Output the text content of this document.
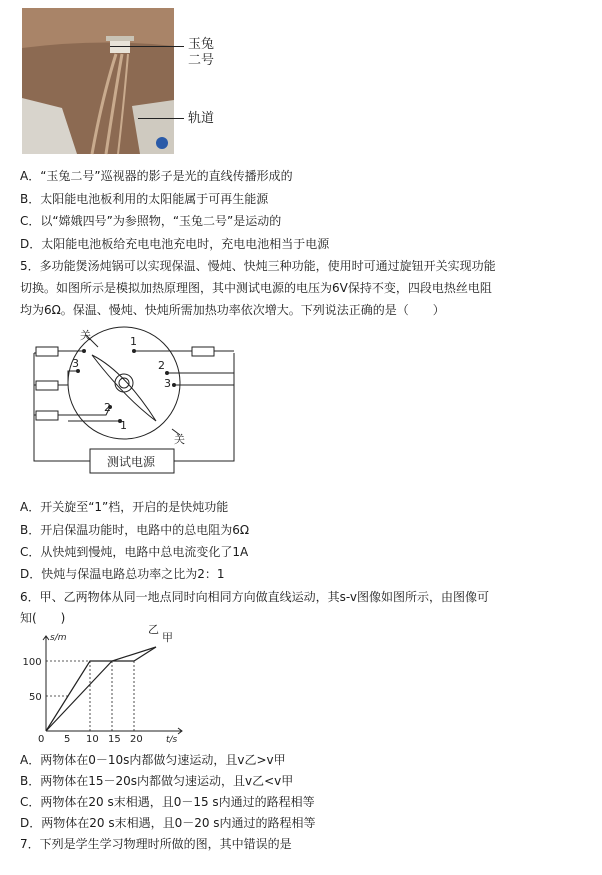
玉兔
二号
轨道
A．“玉兔二号”巡视器的影子是光的直线传播形成的
B．太阳能电池板利用的太阳能属于可再生能源
C．以“嫦娥四号”为参照物，“玉兔二号”是运动的
D．太阳能电池板给充电电池充电时，充电电池相当于电源
5．多功能煲汤炖锅可以实现保温、慢炖、快炖三种功能，使用时可通过旋钮开关实现功能
切换。如图所示是模拟加热原理图，其中测试电源的电压为6V保持不变，四段电热丝电阻
均为6Ω。保温、慢炖、快炖所需加热功率依次增大。下列说法正确的是（　　）
关
关
测试电源
1
2
3
3
2
1
A．开关旋至“1”档，开启的是快炖功能
B．开启保温功能时，电路中的总电阻为6Ω
C．从快炖到慢炖，电路中总电流变化了1A
D．快炖与保温电路总功率之比为2：1
6．甲、乙两物体从同一地点同时向相同方向做直线运动，其s-v图像如图所示，由图像可
知(　　)
0 5 10 15 20
50
100
s/m
t/s
乙
甲
A．两物体在0－10s内都做匀速运动，且v乙>v甲
B．两物体在15－20s内都做匀速运动，且v乙<v甲
C．两物体在20 s末相遇，且0－15 s内通过的路程相等
D．两物体在20 s末相遇，且0－20 s内通过的路程相等
7．下列是学生学习物理时所做的图，其中错误的是
